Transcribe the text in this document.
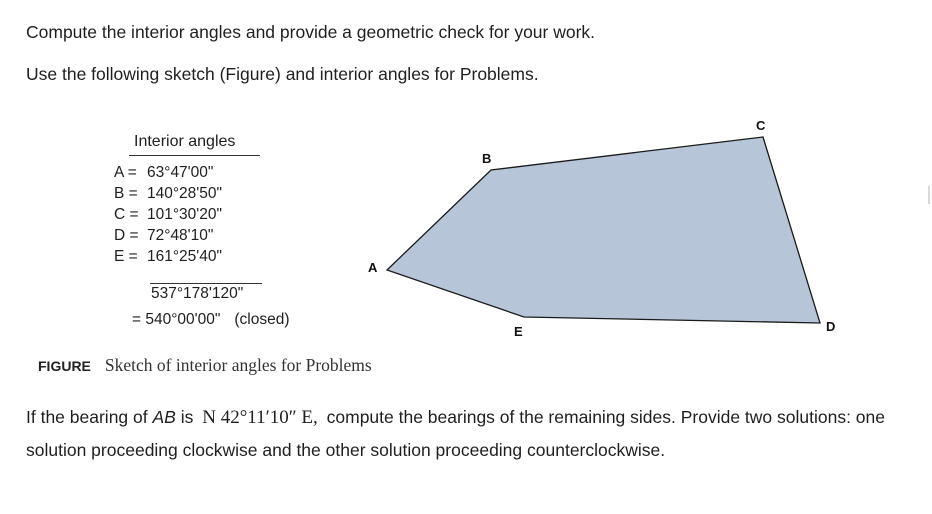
Compute the interior angles and provide a geometric check for your work.
Use the following sketch (Figure) and interior angles for Problems.
Interior angles
A = 63°47'00"
B = 140°28'50"
C = 101°30'20"
D = 72°48'10"
E = 161°25'40"
537°178'120"
= 540°00'00" (closed)
A
B
C
D
E
FIGURE Sketch of interior angles for Problems
If the bearing of AB is N 42°11′10″ E, compute the bearings of the remaining sides. Provide two solutions: one solution proceeding clockwise and the other solution proceeding counterclockwise.
